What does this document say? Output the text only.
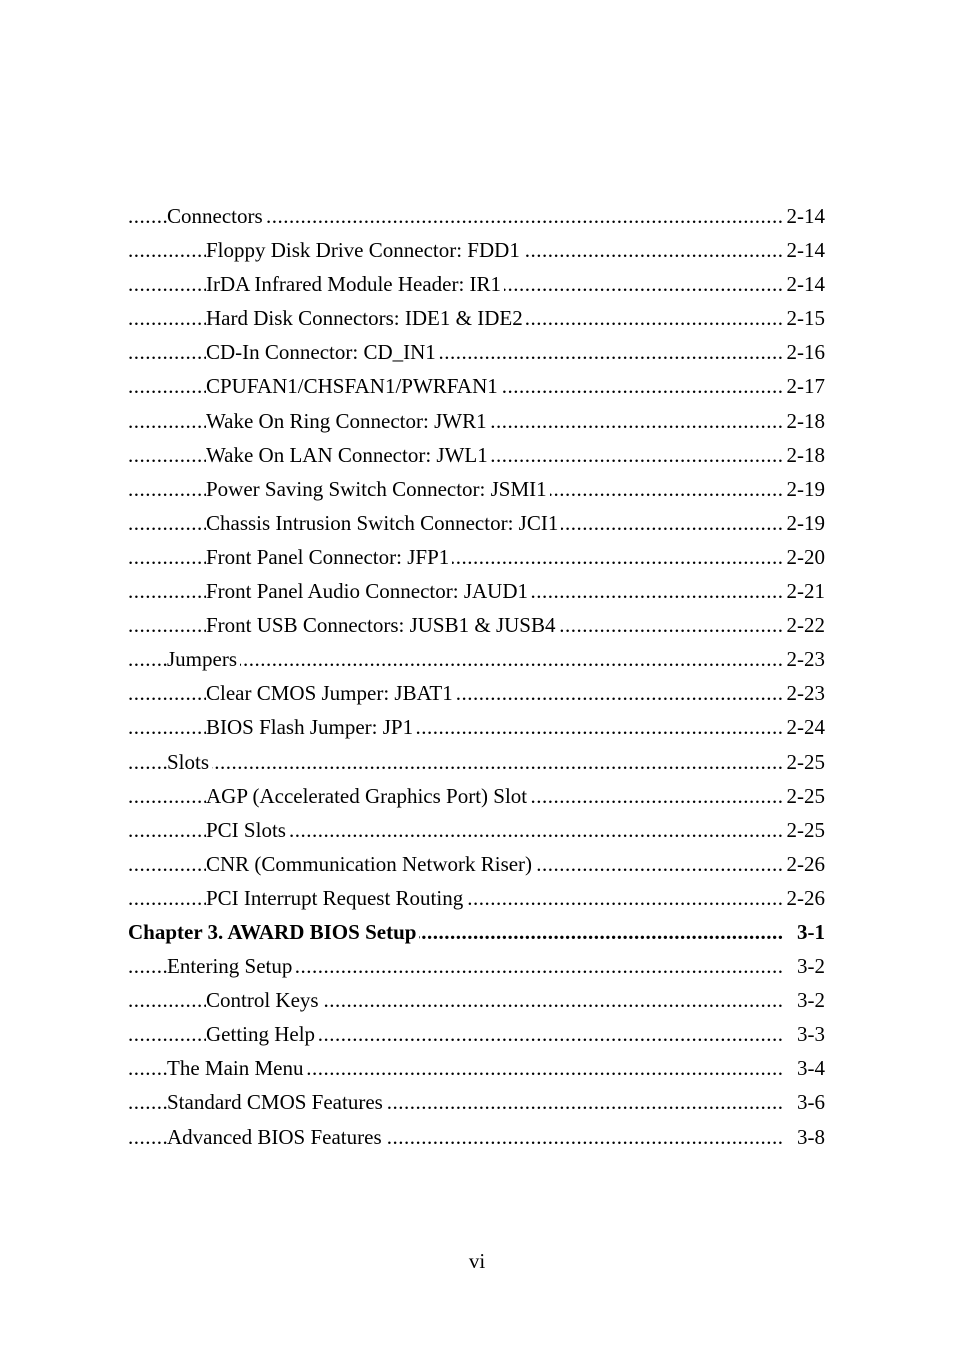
.....
Connectors	2-14
.....
Floppy Disk Drive Connector: FDD1	2-14
.....
IrDA Infrared Module Header: IR1	2-14
.....
Hard Disk Connectors: IDE1 & IDE2	2-15
.....
CD-In Connector: CD_IN1	2-16
.....
CPUFAN1/CHSFAN1/PWRFAN1	2-17
.....
Wake On Ring Connector: JWR1	2-18
.....
Wake On LAN Connector: JWL1	2-18
.....
Power Saving Switch Connector: JSMI1	2-19
.....
Chassis Intrusion Switch Connector: JCI1	2-19
.....
Front Panel Connector: JFP1	2-20
.....
Front Panel Audio Connector: JAUD1	2-21
.....
Front USB Connectors: JUSB1 & JUSB4	2-22
.....
Jumpers	2-23
.....
Clear CMOS Jumper: JBAT1	2-23
.....
BIOS Flash Jumper: JP1	2-24
.....
Slots	2-25
.....
AGP (Accelerated Graphics Port) Slot	2-25
.....
PCI Slots	2-25
.....
CNR (Communication Network Riser)	2-26
.....
PCI Interrupt Request Routing	2-26
.....
Chapter 3. AWARD BIOS Setup	3-1
.....
Entering Setup	3-2
.....
Control Keys	3-2
.....
Getting Help	3-3
.....
The Main Menu	3-4
.....
Standard CMOS Features	3-6
.....
Advanced BIOS Features	3-8
vi
